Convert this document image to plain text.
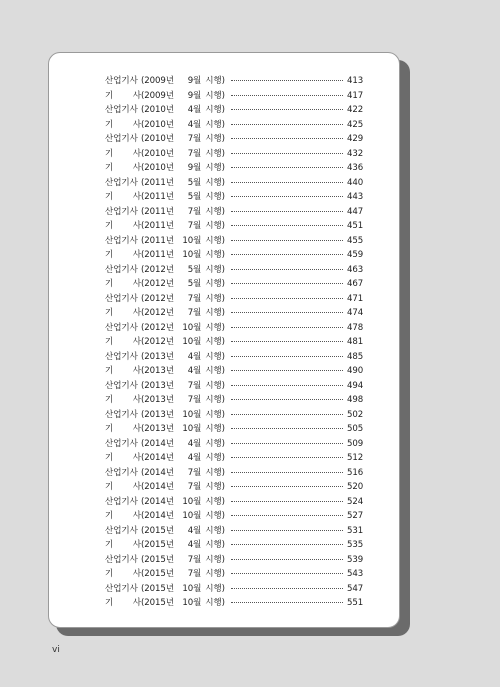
산업기사 ( 2009년	9월 시행)	413
기 사 ( 2009년	9월 시행)	417
산업기사 ( 2010년	4월 시행)	422
기 사 ( 2010년	4월 시행)	425
산업기사 ( 2010년	7월 시행)	429
기 사 ( 2010년	7월 시행)	432
기 사 ( 2010년	9월 시행)	436
산업기사 ( 2011년	5월 시행)	440
기 사 ( 2011년	5월 시행)	443
산업기사 ( 2011년	7월 시행)	447
기 사 ( 2011년	7월 시행)	451
산업기사 ( 2011년 10월 시행)	455
기 사 ( 2011년 10월 시행)	459
산업기사 ( 2012년	5월 시행)	463
기 사 ( 2012년	5월 시행)	467
산업기사 ( 2012년	7월 시행)	471
기 사 ( 2012년	7월 시행)	474
산업기사 ( 2012년 10월 시행)	478
기 사 ( 2012년 10월 시행)	481
산업기사 ( 2013년	4월 시행)	485
기 사 ( 2013년	4월 시행)	490
산업기사 ( 2013년	7월 시행)	494
기 사 ( 2013년	7월 시행)	498
산업기사 ( 2013년 10월 시행)	502
기 사 ( 2013년 10월 시행)	505
산업기사 ( 2014년	4월 시행)	509
기 사 ( 2014년	4월 시행)	512
산업기사 ( 2014년	7월 시행)	516
기 사 ( 2014년	7월 시행)	520
산업기사 ( 2014년 10월 시행)	524
기 사 ( 2014년 10월 시행)	527
산업기사 ( 2015년	4월 시행)	531
기 사 ( 2015년	4월 시행)	535
산업기사 ( 2015년	7월 시행)	539
기 사 ( 2015년	7월 시행)	543
산업기사 ( 2015년 10월 시행)	547
기 사 ( 2015년 10월 시행)	551
vi
